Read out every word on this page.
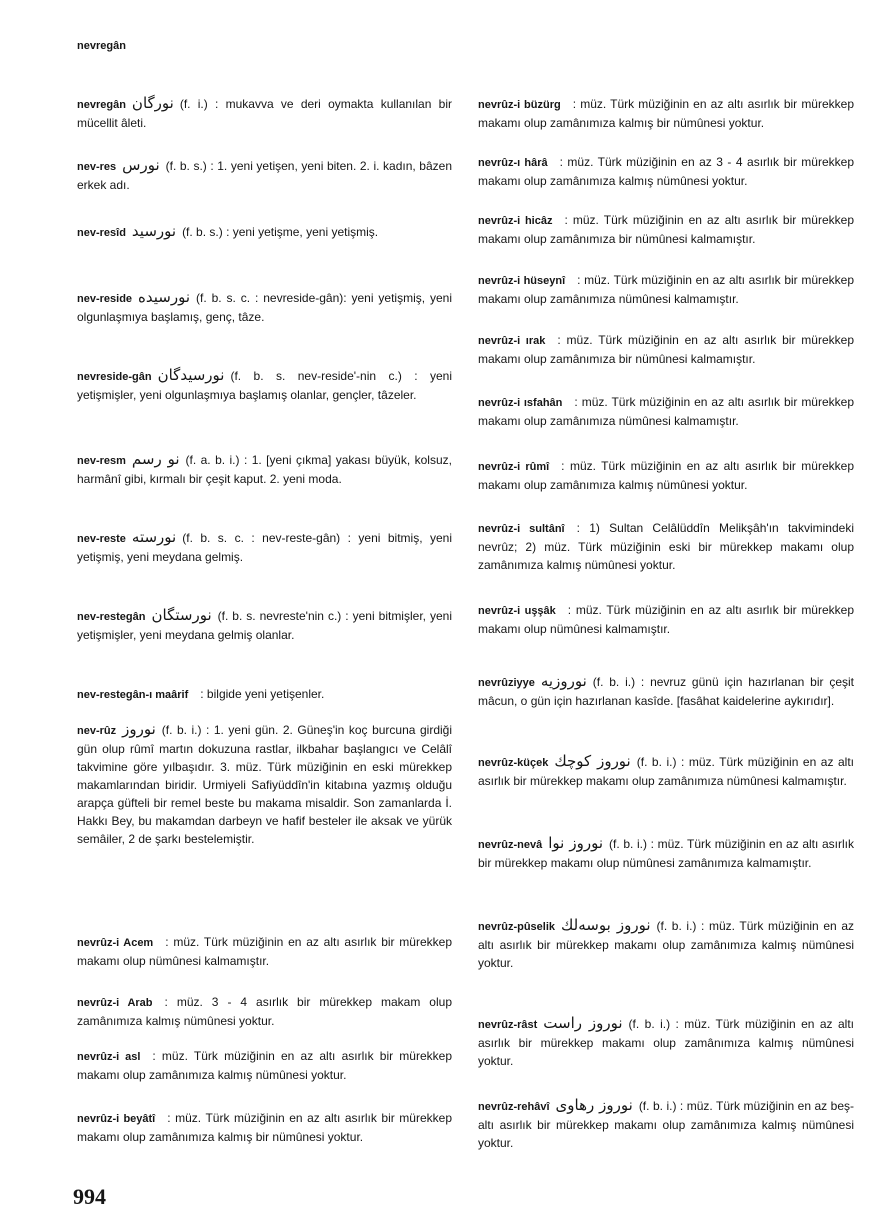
nevregân

nevregân نورگان (f. i.) : mukavva ve deri oymakta kullanılan bir mücellit âleti.

nev-res نورس (f. b. s.) : 1. yeni yetişen, yeni biten. 2. i. kadın, bâzen erkek adı.

nev-resîd نورسید (f. b. s.) : yeni yetişme, yeni yetişmiş.

nev-reside نورسیده (f. b. s. c. : nevreside-gân): yeni yetişmiş, yeni olgunlaşmıya başlamış, genç, tâze.

nevreside-gân نورسیدگان (f. b. s. nev-reside'-nin c.) : yeni yetişmişler, yeni olgunlaşmıya başlamış olanlar, gençler, tâzeler.

nev-resm نو رسم (f. a. b. i.) : 1. [yeni çıkma] yakası büyük, kolsuz, harmânî gibi, kırmalı bir çeşit kaput. 2. yeni moda.

nev-reste نورسته (f. b. s. c. : nev-reste-gân) : yeni bitmiş, yeni yetişmiş, yeni meydana gelmiş.

nev-restegân نورستگان (f. b. s. nevreste'nin c.) : yeni bitmişler, yeni yetişmişler, yeni meydana gelmiş olanlar.

nev-restegân-ı maârif : bilgide yeni yetişenler.

nev-rûz نوروز (f. b. i.) : 1. yeni gün. 2. Güneş'in koç burcuna girdiği gün olup rûmî martın dokuzuna rastlar, ilkbahar başlangıcı ve Celâlî takvimine göre yılbaşıdır. 3. müz. Türk müziğinin en eski mürekkep makamlarından biridir. Urmiyeli Safiyüddîn'in kitabına yazmış olduğu arapça güfteli bir remel beste bu makama misaldir. Son zamanlarda İ. Hakkı Bey, bu makamdan darbeyn ve hafif besteler ile aksak ve yürük semâiler, 2 de şarkı bestelemiştir.

nevrûz-i Acem : müz. Türk müziğinin en az altı asırlık bir mürekkep makamı olup nümûnesi kalmamıştır.

nevrûz-i Arab : müz. 3 - 4 asırlık bir mürekkep makam olup zamânımıza kalmış nümûnesi yoktur.

nevrûz-i asl : müz. Türk müziğinin en az altı asırlık bir mürekkep makamı olup zamânımıza kalmış nümûnesi yoktur.

nevrûz-i beyâtî : müz. Türk müziğinin en az altı asırlık bir mürekkep makamı olup zamânımıza kalmış bir nümûnesi yoktur.

nevrûz-i büzürg : müz. Türk müziğinin en az altı asırlık bir mürekkep makamı olup zamânımıza kalmış bir nümûnesi yoktur.

nevrûz-ı hârâ : müz. Türk müziğinin en az 3 - 4 asırlık bir mürekkep makamı olup zamânımıza kalmış nümûnesi yoktur.

nevrûz-i hicâz : müz. Türk müziğinin en az altı asırlık bir mürekkep makamı olup zamânımıza bir nümûnesi kalmamıştır.

nevrûz-i hüseynî : müz. Türk müziğinin en az altı asırlık bir mürekkep makamı olup zamânımıza nümûnesi kalmamıştır.

nevrûz-i ırak : müz. Türk müziğinin en az altı asırlık bir mürekkep makamı olup zamânımıza bir nümûnesi kalmamıştır.

nevrûz-i ısfahân : müz. Türk müziğinin en az altı asırlık bir mürekkep makamı olup zamânımıza nümûnesi kalmamıştır.

nevrûz-i rûmî : müz. Türk müziğinin en az altı asırlık bir mürekkep makamı olup zamânımıza kalmış nümûnesi yoktur.

nevrûz-i sultânî : 1) Sultan Celâlüddîn Melikşâh'ın takvimindeki nevrûz; 2) müz. Türk müziğinin eski bir mürekkep makamı olup zamânımıza kalmış nümûnesi yoktur.

nevrûz-i uşşâk : müz. Türk müziğinin en az altı asırlık bir mürekkep makamı olup nümûnesi kalmamıştır.

nevrûziyye نوروزیه (f. b. i.) : nevruz günü için hazırlanan bir çeşit mâcun, o gün için hazırlanan kasîde. [fasâhat kaidelerine aykırıdır].

nevrûz-küçek نوروز کوچك (f. b. i.) : müz. Türk müziğinin en az altı asırlık bir mürekkep makamı olup zamânımıza nümûnesi kalmamıştır.

nevrûz-nevâ نوروز نوا (f. b. i.) : müz. Türk müziğinin en az altı asırlık bir mürekkep makamı olup nümûnesi zamânımıza kalmamıştır.

nevrûz-pûselik نوروز بوسه‌لك (f. b. i.) : müz. Türk müziğinin en az altı asırlık bir mürekkep makamı olup zamânımıza kalmış nümûnesi yoktur.

nevrûz-râst نوروز راست (f. b. i.) : müz. Türk müziğinin en az altı asırlık bir mürekkep makamı olup zamânımıza kalmış nümûnesi yoktur.

nevrûz-rehâvî نوروز رهاوی (f. b. i.) : müz. Türk müziğinin en az beş-altı asırlık bir mürekkep makamı olup zamânımıza kalmış nümûnesi yoktur.

994
